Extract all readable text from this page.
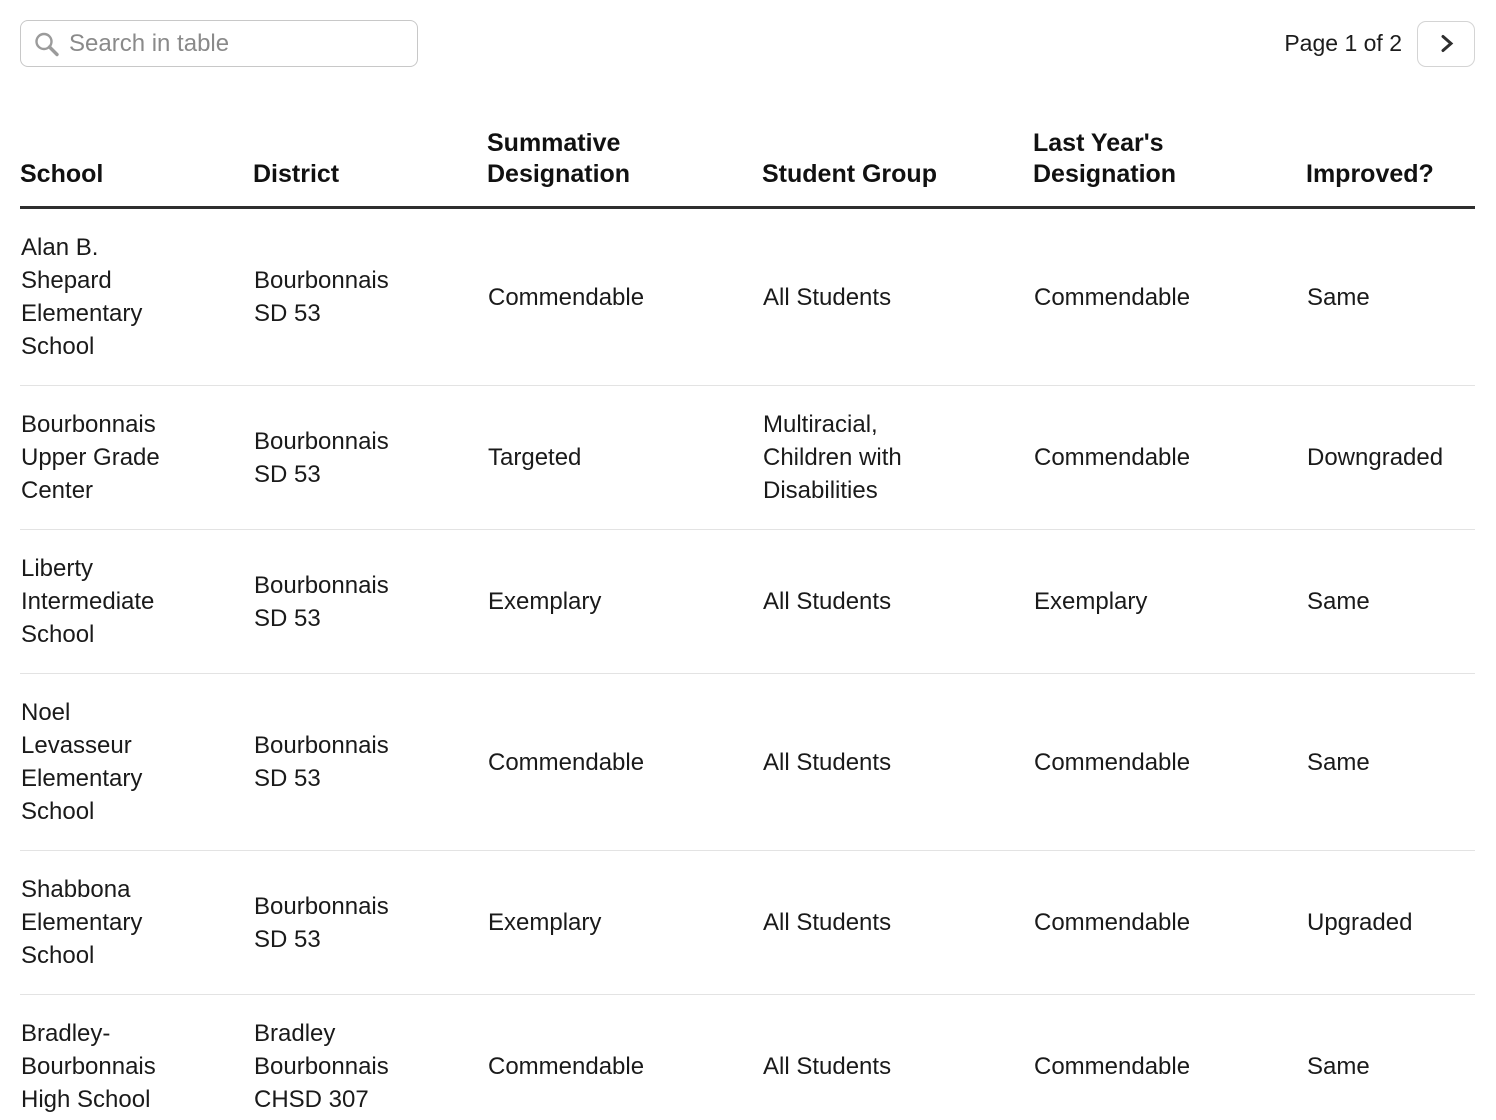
Search in table
Page 1 of 2
School	District	Summative Designation	Student Group	Last Year's Designation	Improved?
Alan B. Shepard Elementary School	Bourbonnais SD 53	Commendable	All Students	Commendable	Same
Bourbonnais Upper Grade Center	Bourbonnais SD 53	Targeted	Multiracial, Children with Disabilities	Commendable	Downgraded
Liberty Intermediate School	Bourbonnais SD 53	Exemplary	All Students	Exemplary	Same
Noel Levasseur Elementary School	Bourbonnais SD 53	Commendable	All Students	Commendable	Same
Shabbona Elementary School	Bourbonnais SD 53	Exemplary	All Students	Commendable	Upgraded
Bradley-Bourbonnais High School	Bradley Bourbonnais CHSD 307	Commendable	All Students	Commendable	Same
